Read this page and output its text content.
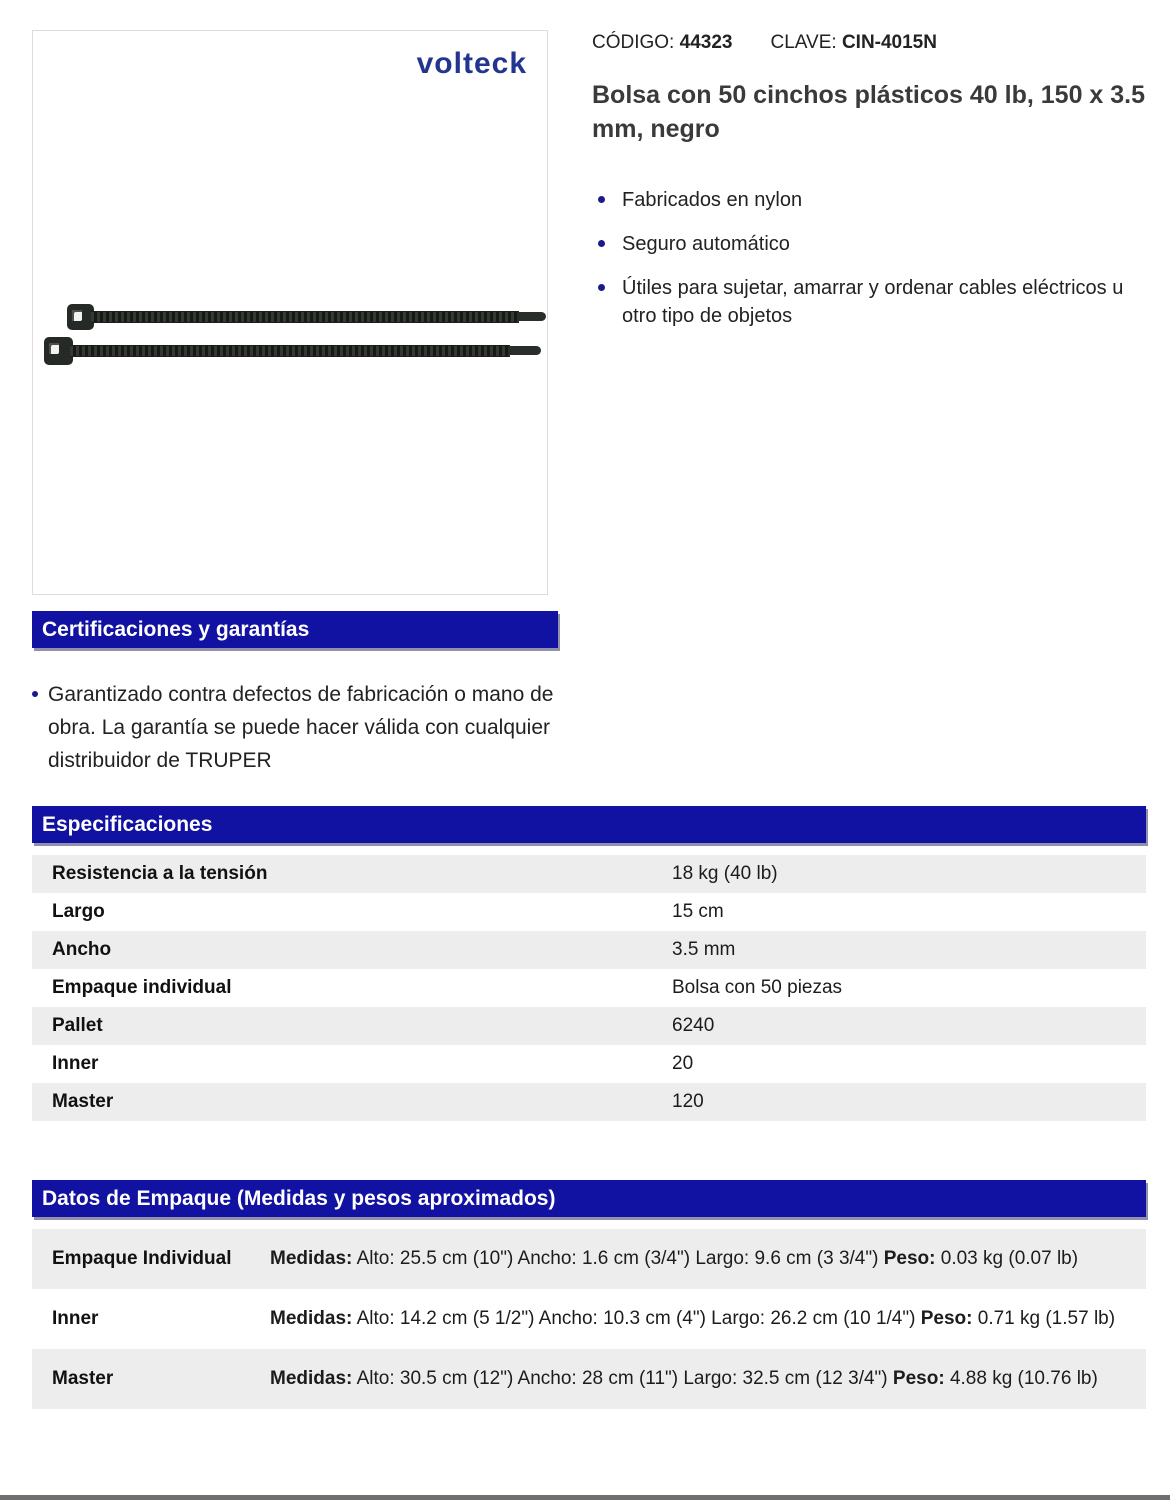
volteck
CÓDIGO: 44323 CLAVE: CIN-4015N
Bolsa con 50 cinchos plásticos 40 lb, 150 x 3.5 mm, negro
Fabricados en nylon
Seguro automático
Útiles para sujetar, amarrar y ordenar cables eléctricos u otro tipo de objetos
Certificaciones y garantías
Garantizado contra defectos de fabricación o mano de obra. La garantía se puede hacer válida con cualquier distribuidor de TRUPER
Especificaciones
Resistencia a la tensión	18 kg (40 lb)
Largo	15 cm
Ancho	3.5 mm
Empaque individual	Bolsa con 50 piezas
Pallet	6240
Inner	20
Master	120
Datos de Empaque (Medidas y pesos aproximados)
Empaque Individual	Medidas: Alto: 25.5 cm (10") Ancho: 1.6 cm (3/4") Largo: 9.6 cm (3 3/4") Peso: 0.03 kg (0.07 lb)
Inner	Medidas: Alto: 14.2 cm (5 1/2") Ancho: 10.3 cm (4") Largo: 26.2 cm (10 1/4") Peso: 0.71 kg (1.57 lb)
Master	Medidas: Alto: 30.5 cm (12") Ancho: 28 cm (11") Largo: 32.5 cm (12 3/4") Peso: 4.88 kg (10.76 lb)
